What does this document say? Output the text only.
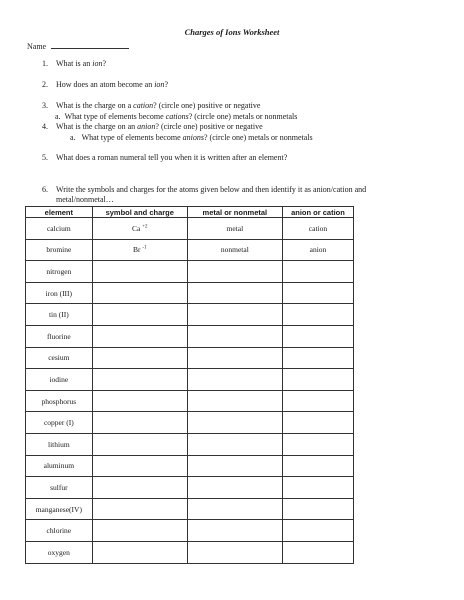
Charges of Ions Worksheet
Name
1. What is an ion?
2. How does an atom become an ion?
3. What is the charge on a cation? (circle one) positive or negative
a. What type of elements become cations? (circle one) metals or nonmetals
4. What is the charge on an anion? (circle one) positive or negative
a. What type of elements become anions? (circle one) metals or nonmetals
5. What does a roman numeral tell you when it is written after an element?
6. Write the symbols and charges for the atoms given below and then identify it as anion/cation and
metal/nonmetal…
element	symbol and charge	metal or nonmetal	anion or cation
calcium	Ca $^{+2}$	metal	cation
bromine	Br $^{-1}$	nonmetal	anion
nitrogen			
iron (III)			
tin (II)			
fluorine			
cesium			
iodine			
phosphorus			
copper (I)			
lithium			
aluminum			
sulfur			
manganese(IV)			
chlorine			
oxygen			
